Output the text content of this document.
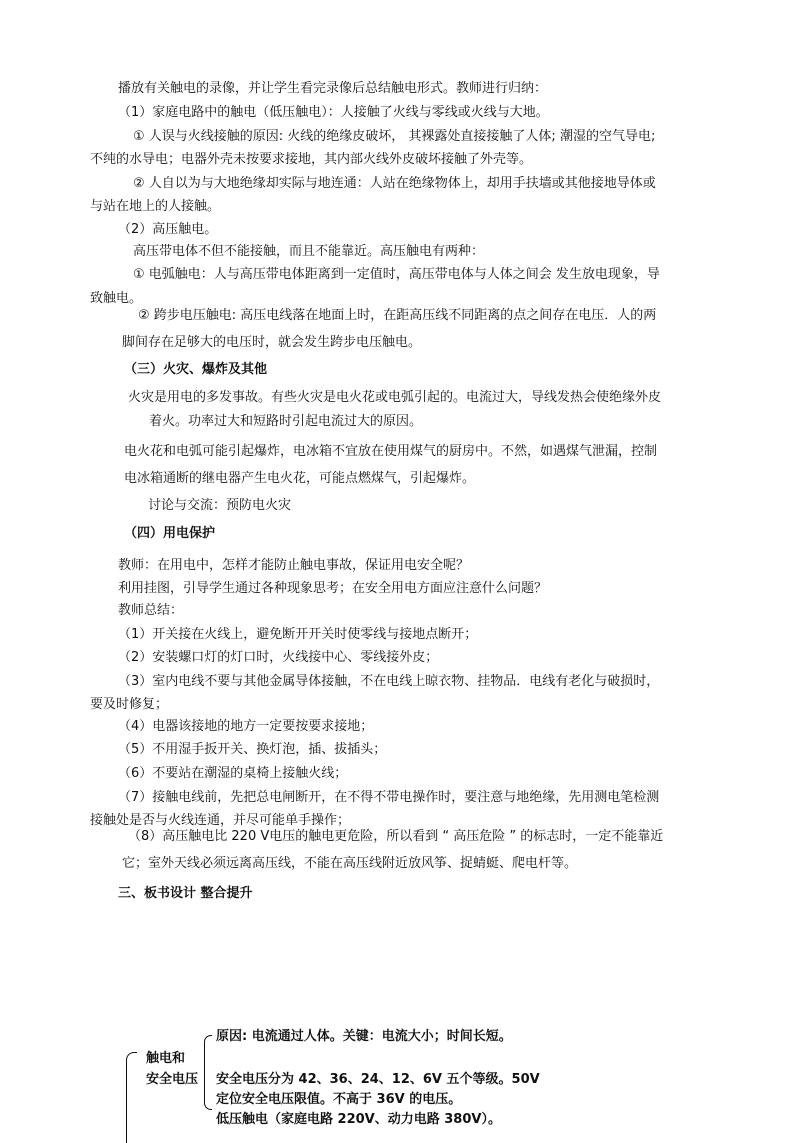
播放有关触电的录像，并让学生看完录像后总结触电形式。教师进行归纳：
（1）家庭电路中的触电（低压触电）：人接触了火线与零线或火线与大地。
① 人误与火线接触的原因: 火线的绝缘皮破坏， 其裸露处直接接触了人体; 潮湿的空气导电;
不纯的水导电；电器外壳未按要求接地，其内部火线外皮破坏接触了外壳等。
② 人自以为与大地绝缘却实际与地连通：人站在绝缘物体上，却用手扶墙或其他接地导体或
与站在地上的人接触。
（2）高压触电。
高压带电体不但不能接触，而且不能靠近。高压触电有两种：
① 电弧触电：人与高压带电体距离到一定值时，高压带电体与人体之间会 发生放电现象，导
致触电。
② 跨步电压触电: 高压电线落在地面上时，在距高压线不同距离的点之间存在电压．人的两
脚间存在足够大的电压时，就会发生跨步电压触电。
（三）火灾、爆炸及其他
火灾是用电的多发事故。有些火灾是电火花或电弧引起的。电流过大，导线发热会使绝缘外皮
着火。功率过大和短路时引起电流过大的原因。
电火花和电弧可能引起爆炸，电冰箱不宜放在使用煤气的厨房中。不然，如遇煤气泄漏，控制
电冰箱通断的继电器产生电火花，可能点燃煤气，引起爆炸。
讨论与交流：预防电火灾
（四）用电保护
教师：在用电中，怎样才能防止触电事故，保证用电安全呢？
利用挂图，引导学生通过各种现象思考；在安全用电方面应注意什么问题？
教师总结：
（1）开关接在火线上，避免断开开关时使零线与接地点断开；
（2）安装螺口灯的灯口时，火线接中心、零线接外皮；
（3）室内电线不要与其他金属导体接触，不在电线上晾衣物、挂物品．电线有老化与破损时，
要及时修复；
（4）电器该接地的地方一定要按要求接地；
（5）不用湿手扳开关、换灯泡，插、拔插头；
（6）不要站在潮湿的桌椅上接触火线；
（7）接触电线前，先把总电闸断开，在不得不带电操作时，要注意与地绝缘，先用测电笔检测
接触处是否与火线连通，并尽可能单手操作；
（8）高压触电比 220 V电压的触电更危险，所以看到 “ 高压危险 ” 的标志时，一定不能靠近
它；室外天线必须远离高压线，不能在高压线附近放风筝、捉蜻蜓、爬电杆等。
三、板书设计 整合提升
触电和
安全电压
原因: 电流通过人体。关键：电流大小；时间长短。
安全电压分为 42、36、24、12、6V 五个等级。50V
定位安全电压限值。不高于 36V 的电压。
低压触电（家庭电路 220V、动力电路 380V）。
